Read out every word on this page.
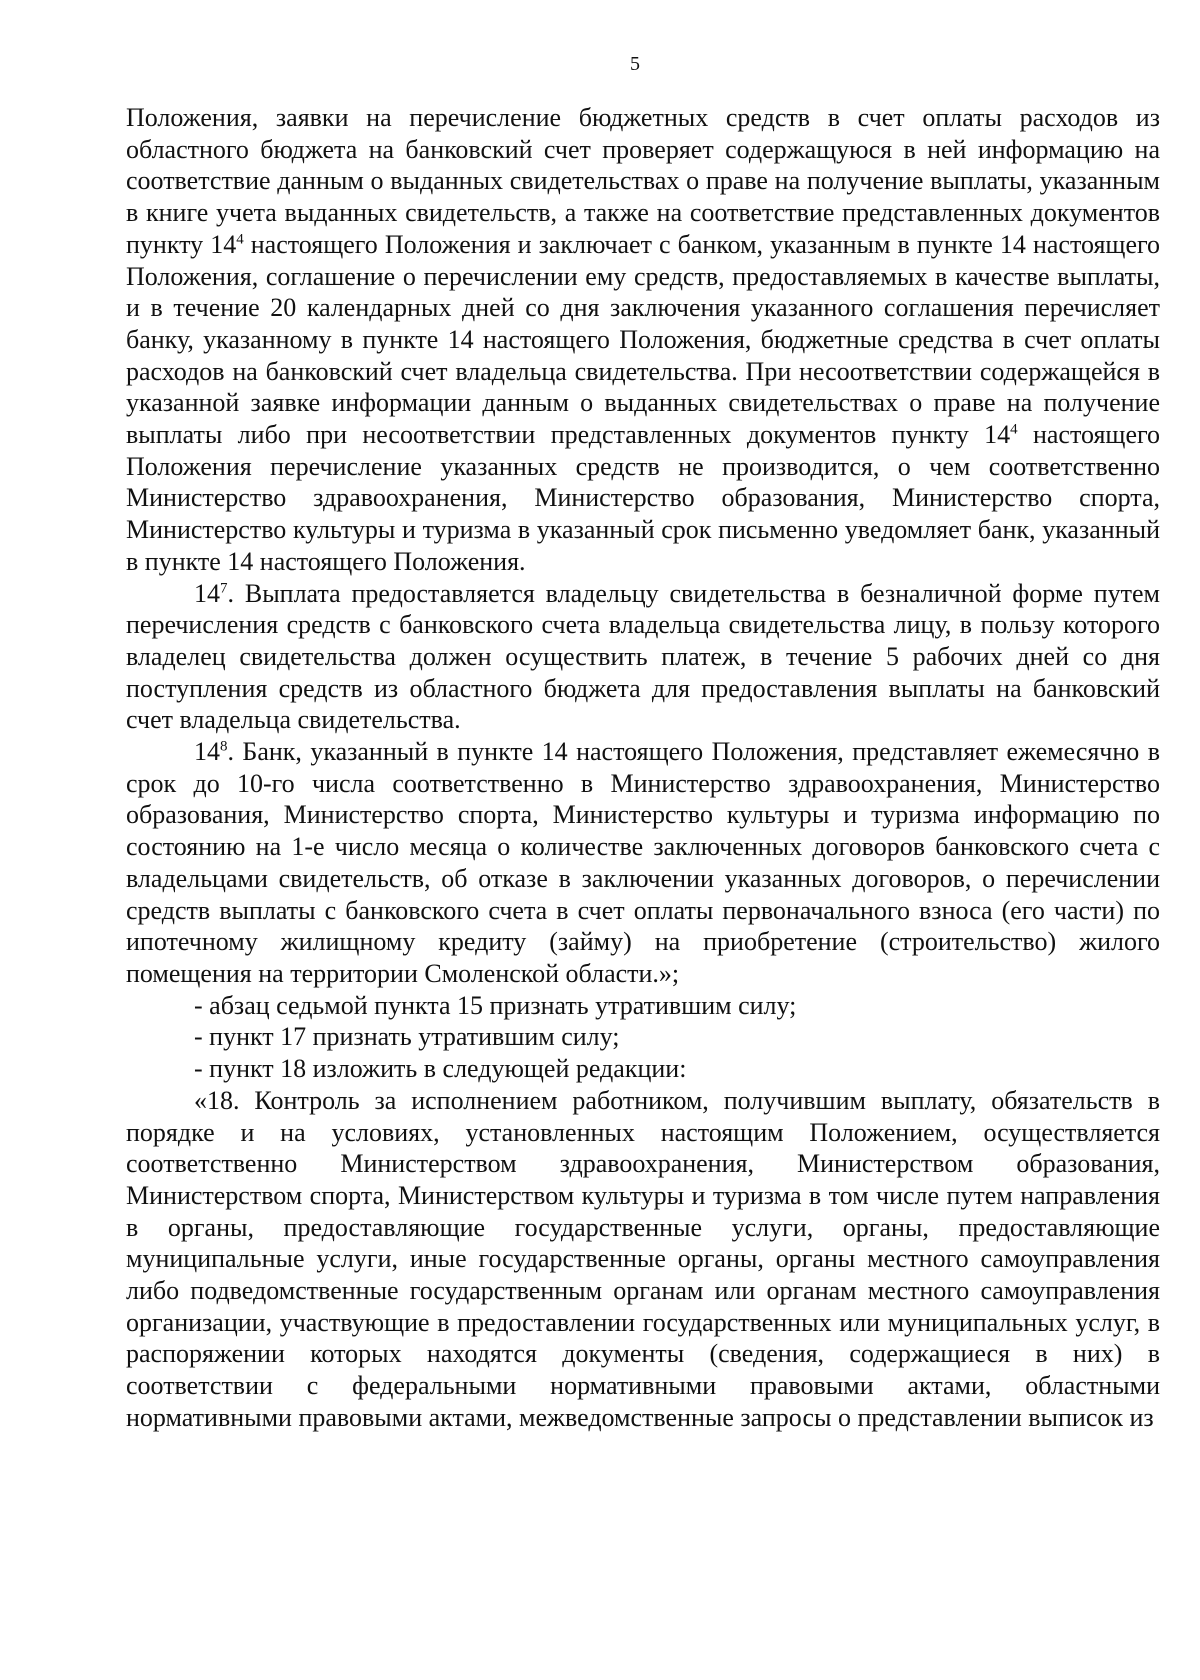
5

Положения, заявки на перечисление бюджетных средств в счет оплаты расходов из областного бюджета на банковский счет проверяет содержащуюся в ней информацию на соответствие данным о выданных свидетельствах о праве на получение выплаты, указанным в книге учета выданных свидетельств, а также на соответствие представленных документов пункту $14^4$ настоящего Положения и заключает с банком, указанным в пункте 14 настоящего Положения, соглашение о перечислении ему средств, предоставляемых в качестве выплаты, и в течение 20 календарных дней со дня заключения указанного соглашения перечисляет банку, указанному в пункте 14 настоящего Положения, бюджетные средства в счет оплаты расходов на банковский счет владельца свидетельства. При несоответствии содержащейся в указанной заявке информации данным о выданных свидетельствах о праве на получение выплаты либо при несоответствии представленных документов пункту $14^4$ настоящего Положения перечисление указанных средств не производится, о чем соответственно Министерство здравоохранения, Министерство образования, Министерство спорта, Министерство культуры и туризма в указанный срок письменно уведомляет банк, указанный в пункте 14 настоящего Положения.

$14^7$. Выплата предоставляется владельцу свидетельства в безналичной форме путем перечисления средств с банковского счета владельца свидетельства лицу, в пользу которого владелец свидетельства должен осуществить платеж, в течение 5 рабочих дней со дня поступления средств из областного бюджета для предоставления выплаты на банковский счет владельца свидетельства.

$14^8$. Банк, указанный в пункте 14 настоящего Положения, представляет ежемесячно в срок до 10-го числа соответственно в Министерство здравоохранения, Министерство образования, Министерство спорта, Министерство культуры и туризма информацию по состоянию на 1-е число месяца о количестве заключенных договоров банковского счета с владельцами свидетельств, об отказе в заключении указанных договоров, о перечислении средств выплаты с банковского счета в счет оплаты первоначального взноса (его части) по ипотечному жилищному кредиту (займу) на приобретение (строительство) жилого помещения на территории Смоленской области.»;

- абзац седьмой пункта 15 признать утратившим силу;

- пункт 17 признать утратившим силу;

- пункт 18 изложить в следующей редакции:

«18. Контроль за исполнением работником, получившим выплату, обязательств в порядке и на условиях, установленных настоящим Положением, осуществляется соответственно Министерством здравоохранения, Министерством образования, Министерством спорта, Министерством культуры и туризма в том числе путем направления в органы, предоставляющие государственные услуги, органы, предоставляющие муниципальные услуги, иные государственные органы, органы местного самоуправления либо подведомственные государственным органам или органам местного самоуправления организации, участвующие в предоставлении государственных или муниципальных услуг, в распоряжении которых находятся документы (сведения, содержащиеся в них) в соответствии с федеральными нормативными правовыми актами, областными нормативными правовыми актами, межведомственные запросы о представлении выписок из
